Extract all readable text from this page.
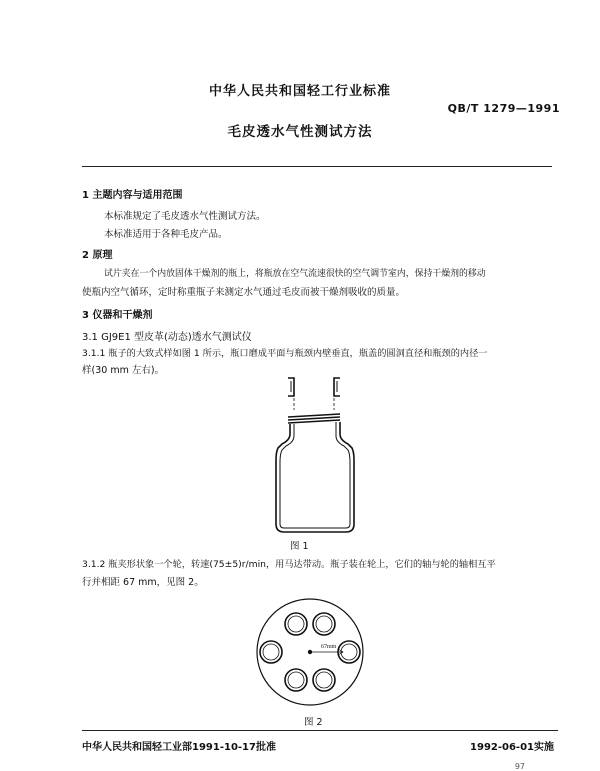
中华人民共和国轻工行业标准
QB/T 1279—1991
毛皮透水气性测试方法
1 主题内容与适用范围
本标准规定了毛皮透水气性测试方法。
本标准适用于各种毛皮产品。
2 原理
试片夹在一个内放固体干燥剂的瓶上，将瓶放在空气流速很快的空气调节室内，保持干燥剂的移动
使瓶内空气循环，定时称重瓶子来测定水气通过毛皮而被干燥剂吸收的质量。
3 仪器和干燥剂
3.1 GJ9E1 型皮革(动态)透水气测试仪
3.1.1 瓶子的大致式样如图 1 所示，瓶口磨成平面与瓶颈内壁垂直，瓶盖的圆洞直径和瓶颈的内径一
样(30 mm 左右)。
图 1
3.1.2 瓶夹形状象一个轮，转速(75±5)r/min，用马达带动。瓶子装在轮上，它们的轴与轮的轴相互平
行并相距 67 mm，见图 2。
67mm
图 2
中华人民共和国轻工业部1991-10-17批准	1992-06-01实施
97
